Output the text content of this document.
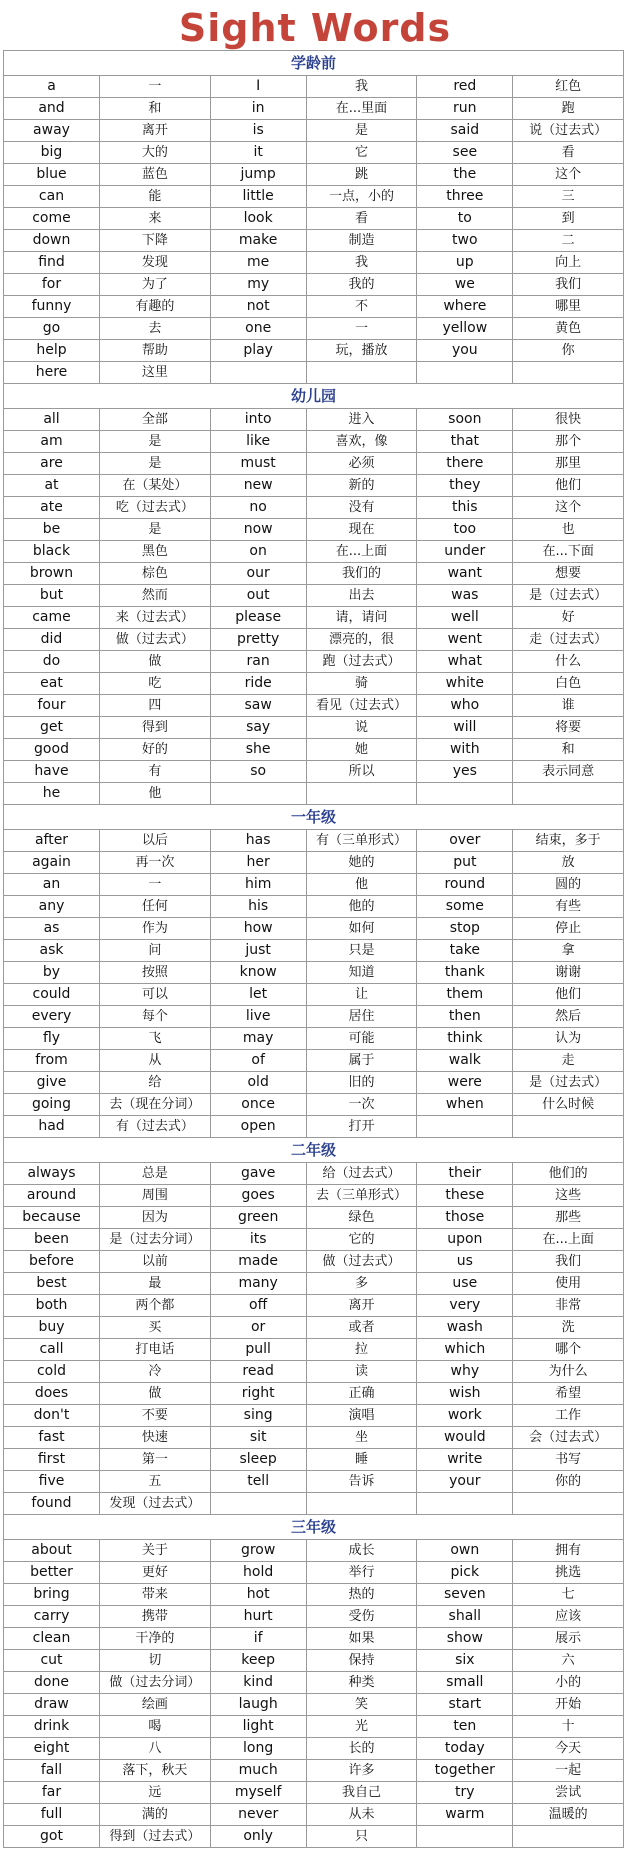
Sight Words
学龄前					
a	一	I	我	red	红色
and	和	in	在...里面	run	跑
away	离开	is	是	said	说（过去式）
big	大的	it	它	see	看
blue	蓝色	jump	跳	the	这个
can	能	little	一点，小的	three	三
come	来	look	看	to	到
down	下降	make	制造	two	二
find	发现	me	我	up	向上
for	为了	my	我的	we	我们
funny	有趣的	not	不	where	哪里
go	去	one	一	yellow	黄色
help	帮助	play	玩，播放	you	你
here	这里				
幼儿园					
all	全部	into	进入	soon	很快
am	是	like	喜欢，像	that	那个
are	是	must	必须	there	那里
at	在（某处）	new	新的	they	他们
ate	吃（过去式）	no	没有	this	这个
be	是	now	现在	too	也
black	黑色	on	在...上面	under	在...下面
brown	棕色	our	我们的	want	想要
but	然而	out	出去	was	是（过去式）
came	来（过去式）	please	请，请问	well	好
did	做（过去式）	pretty	漂亮的，很	went	走（过去式）
do	做	ran	跑（过去式）	what	什么
eat	吃	ride	骑	white	白色
four	四	saw	看见（过去式）	who	谁
get	得到	say	说	will	将要
good	好的	she	她	with	和
have	有	so	所以	yes	表示同意
he	他				
一年级					
after	以后	has	有（三单形式）	over	结束，多于
again	再一次	her	她的	put	放
an	一	him	他	round	圆的
any	任何	his	他的	some	有些
as	作为	how	如何	stop	停止
ask	问	just	只是	take	拿
by	按照	know	知道	thank	谢谢
could	可以	let	让	them	他们
every	每个	live	居住	then	然后
fly	飞	may	可能	think	认为
from	从	of	属于	walk	走
give	给	old	旧的	were	是（过去式）
going	去（现在分词）	once	一次	when	什么时候
had	有（过去式）	open	打开		
二年级					
always	总是	gave	给（过去式）	their	他们的
around	周围	goes	去（三单形式）	these	这些
because	因为	green	绿色	those	那些
been	是（过去分词）	its	它的	upon	在...上面
before	以前	made	做（过去式）	us	我们
best	最	many	多	use	使用
both	两个都	off	离开	very	非常
buy	买	or	或者	wash	洗
call	打电话	pull	拉	which	哪个
cold	冷	read	读	why	为什么
does	做	right	正确	wish	希望
don't	不要	sing	演唱	work	工作
fast	快速	sit	坐	would	会（过去式）
first	第一	sleep	睡	write	书写
five	五	tell	告诉	your	你的
found	发现（过去式）				
三年级					
about	关于	grow	成长	own	拥有
better	更好	hold	举行	pick	挑选
bring	带来	hot	热的	seven	七
carry	携带	hurt	受伤	shall	应该
clean	干净的	if	如果	show	展示
cut	切	keep	保持	six	六
done	做（过去分词）	kind	种类	small	小的
draw	绘画	laugh	笑	start	开始
drink	喝	light	光	ten	十
eight	八	long	长的	today	今天
fall	落下，秋天	much	许多	together	一起
far	远	myself	我自己	try	尝试
full	满的	never	从未	warm	温暖的
got	得到（过去式）	only	只		
